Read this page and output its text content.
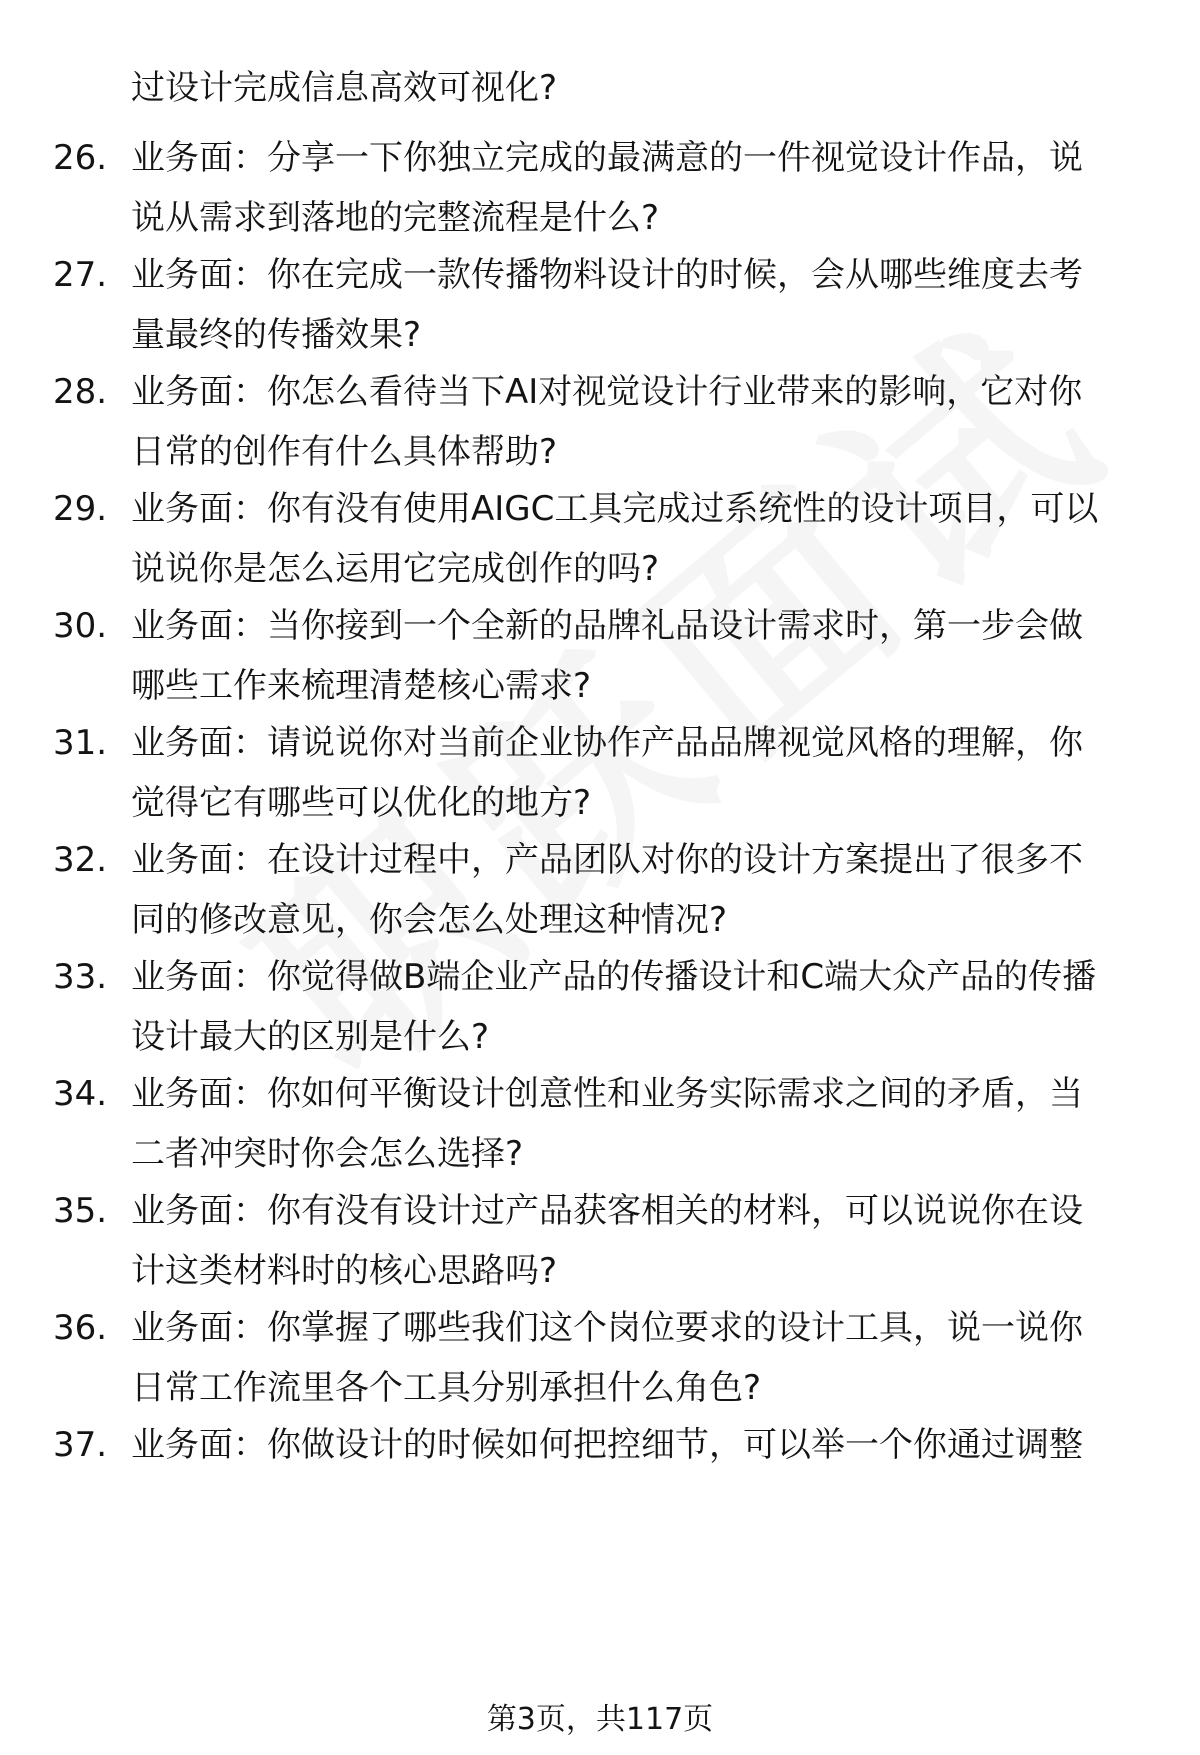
过设计完成信息高效可视化?
26. 业务面：分享一下你独立完成的最满意的一件视觉设计作品，说
说从需求到落地的完整流程是什么?
27. 业务面：你在完成一款传播物料设计的时候，会从哪些维度去考
量最终的传播效果?
28. 业务面：你怎么看待当下AI对视觉设计行业带来的影响，它对你
日常的创作有什么具体帮助?
29. 业务面：你有没有使用AIGC工具完成过系统性的设计项目，可以
说说你是怎么运用它完成创作的吗?
30. 业务面：当你接到一个全新的品牌礼品设计需求时，第一步会做
哪些工作来梳理清楚核心需求?
31. 业务面：请说说你对当前企业协作产品品牌视觉风格的理解，你
觉得它有哪些可以优化的地方?
32. 业务面：在设计过程中，产品团队对你的设计方案提出了很多不
同的修改意见，你会怎么处理这种情况?
33. 业务面：你觉得做B端企业产品的传播设计和C端大众产品的传播
设计最大的区别是什么?
34. 业务面：你如何平衡设计创意性和业务实际需求之间的矛盾，当
二者冲突时你会怎么选择?
35. 业务面：你有没有设计过产品获客相关的材料，可以说说你在设
计这类材料时的核心思路吗?
36. 业务面：你掌握了哪些我们这个岗位要求的设计工具，说一说你
日常工作流里各个工具分别承担什么角色?
37. 业务面：你做设计的时候如何把控细节，可以举一个你通过调整
第3页，共117页
